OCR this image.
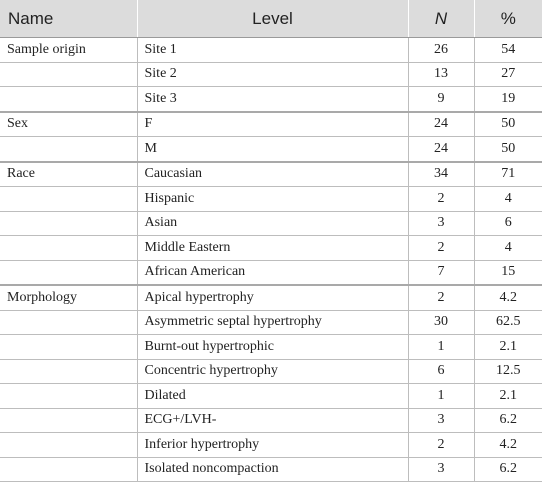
Name	Level	N	%
Sample origin	Site 1	26	54
	Site 2	13	27
	Site 3	9	19
Sex	F	24	50
	M	24	50
Race	Caucasian	34	71
	Hispanic	2	4
	Asian	3	6
	Middle Eastern	2	4
	African American	7	15
Morphology	Apical hypertrophy	2	4.2
	Asymmetric septal hypertrophy	30	62.5
	Burnt-out hypertrophic	1	2.1
	Concentric hypertrophy	6	12.5
	Dilated	1	2.1
	ECG+/LVH-	3	6.2
	Inferior hypertrophy	2	4.2
	Isolated noncompaction	3	6.2
